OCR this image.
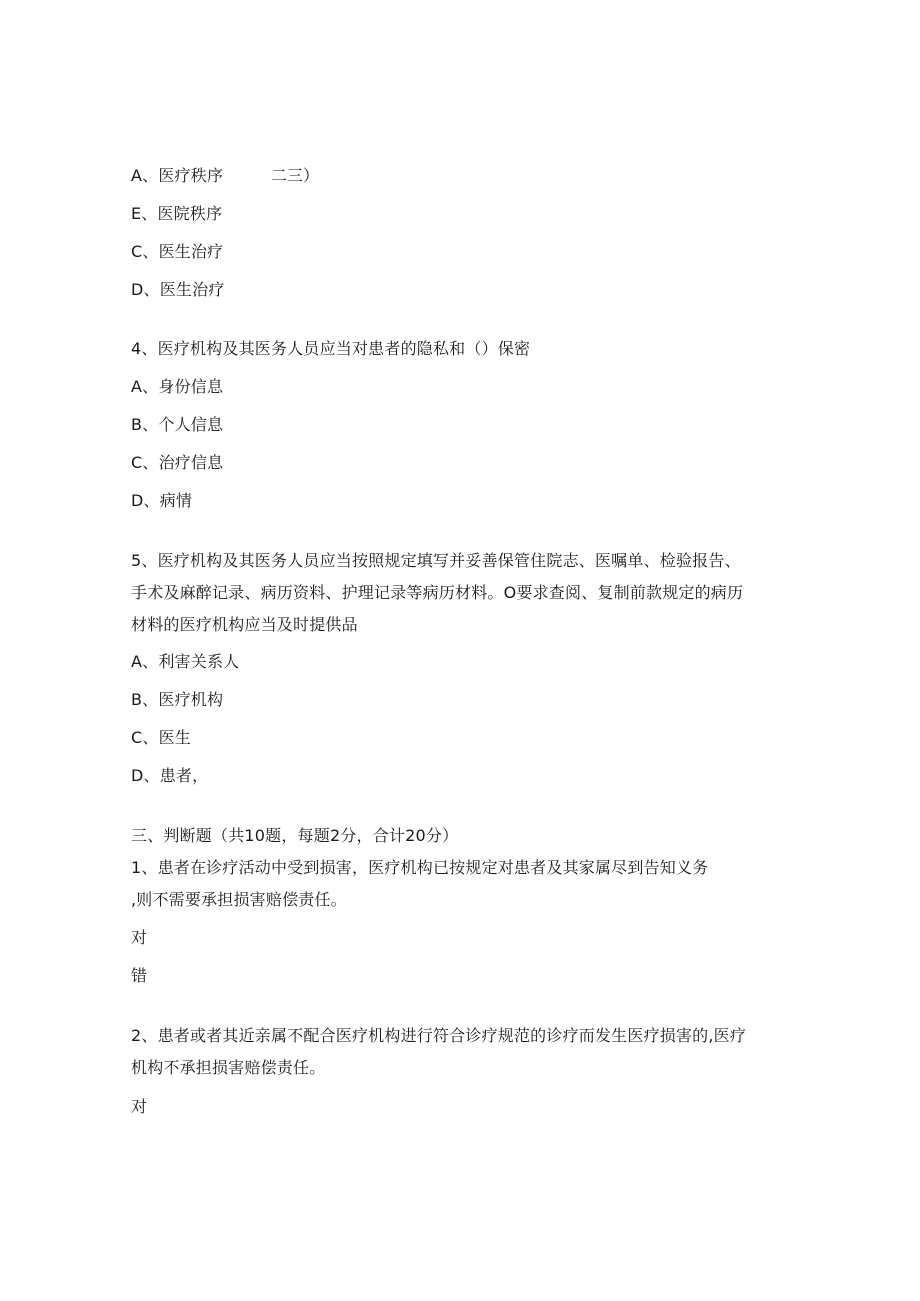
A、医疗秩序	二三）
E、医院秩序
C、医生治疗
D、医生治疗
4、医疗机构及其医务人员应当对患者的隐私和（）保密
A、身份信息
B、个人信息
C、治疗信息
D、病情
5、医疗机构及其医务人员应当按照规定填写并妥善保管住院志、医嘱单、检验报告、
手术及麻醉记录、病历资料、护理记录等病历材料。O要求查阅、复制前款规定的病历
材料的医疗机构应当及时提供品
A、利害关系人
B、医疗机构
C、医生
D、患者，
三、判断题（共10题，每题2分，合计20分）
1、患者在诊疗活动中受到损害，医疗机构已按规定对患者及其家属尽到告知义务
,则不需要承担损害赔偿责任。
对
错
2、患者或者其近亲属不配合医疗机构进行符合诊疗规范的诊疗而发生医疗损害的,医疗
机构不承担损害赔偿责任。
对
